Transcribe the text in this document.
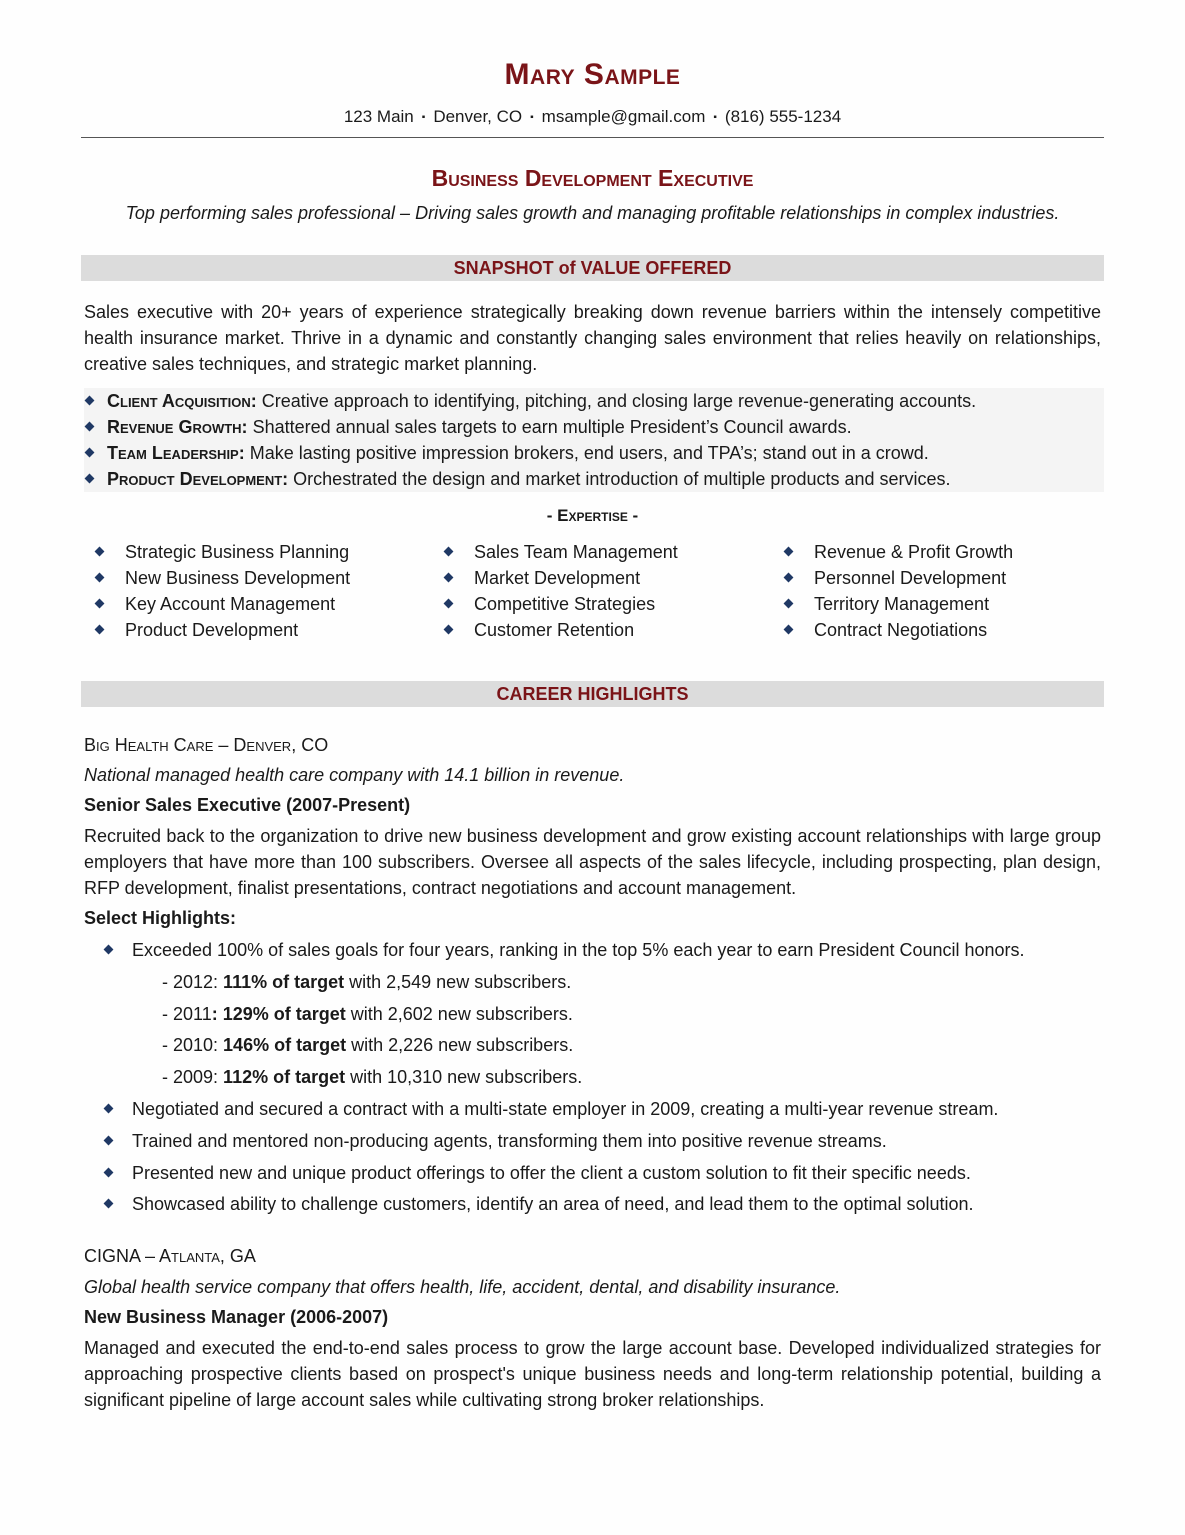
Mary Sample
123 Main ▪ Denver, CO ▪ msample@gmail.com ▪ (816) 555-1234
Business Development Executive
Top performing sales professional – Driving sales growth and managing profitable relationships in complex industries.
SNAPSHOT of VALUE OFFERED
Sales executive with 20+ years of experience strategically breaking down revenue barriers within the intensely competitive health insurance market. Thrive in a dynamic and constantly changing sales environment that relies heavily on relationships, creative sales techniques, and strategic market planning.
Client Acquisition: Creative approach to identifying, pitching, and closing large revenue-generating accounts.
Revenue Growth: Shattered annual sales targets to earn multiple President’s Council awards.
Team Leadership: Make lasting positive impression brokers, end users, and TPA’s; stand out in a crowd.
Product Development: Orchestrated the design and market introduction of multiple products and services.
- Expertise -
Strategic Business Planning
New Business Development
Key Account Management
Product Development
Sales Team Management
Market Development
Competitive Strategies
Customer Retention
Revenue & Profit Growth
Personnel Development
Territory Management
Contract Negotiations
CAREER HIGHLIGHTS
Big Health Care – Denver, CO
National managed health care company with 14.1 billion in revenue.
Senior Sales Executive (2007-Present)
Recruited back to the organization to drive new business development and grow existing account relationships with large group employers that have more than 100 subscribers. Oversee all aspects of the sales lifecycle, including prospecting, plan design, RFP development, finalist presentations, contract negotiations and account management.
Select Highlights:
Exceeded 100% of sales goals for four years, ranking in the top 5% each year to earn President Council honors.
- 2012: 111% of target with 2,549 new subscribers.
- 2011: 129% of target with 2,602 new subscribers.
- 2010: 146% of target with 2,226 new subscribers.
- 2009: 112% of target with 10,310 new subscribers.
Negotiated and secured a contract with a multi-state employer in 2009, creating a multi-year revenue stream.
Trained and mentored non-producing agents, transforming them into positive revenue streams.
Presented new and unique product offerings to offer the client a custom solution to fit their specific needs.
Showcased ability to challenge customers, identify an area of need, and lead them to the optimal solution.
CIGNA – Atlanta, GA
Global health service company that offers health, life, accident, dental, and disability insurance.
New Business Manager (2006-2007)
Managed and executed the end-to-end sales process to grow the large account base. Developed individualized strategies for approaching prospective clients based on prospect's unique business needs and long-term relationship potential, building a significant pipeline of large account sales while cultivating strong broker relationships.
